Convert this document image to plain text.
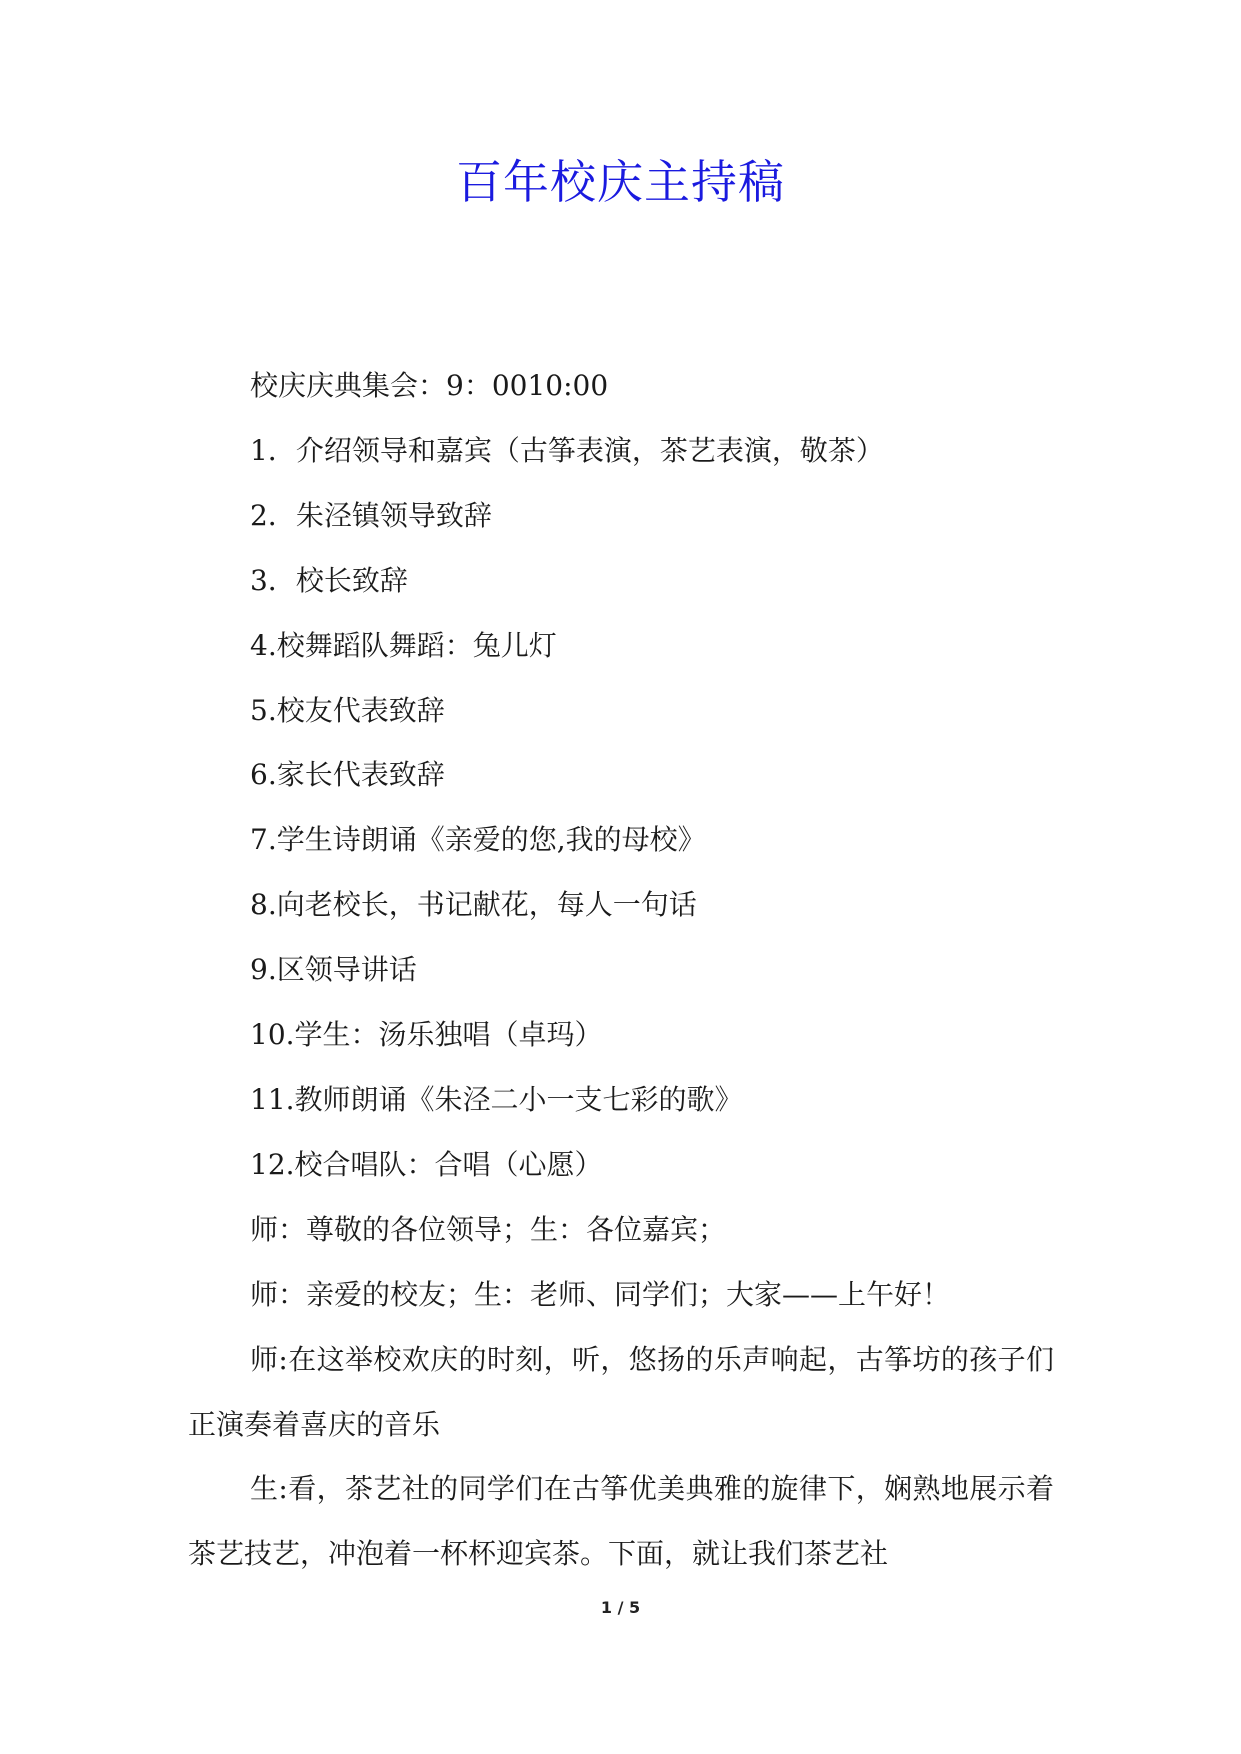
百年校庆主持稿

校庆庆典集会：9：0010:00

1．介绍领导和嘉宾（古筝表演，茶艺表演，敬茶）

2．朱泾镇领导致辞

3．校长致辞

4.校舞蹈队舞蹈：兔儿灯

5.校友代表致辞

6.家长代表致辞

7.学生诗朗诵《亲爱的您,我的母校》

8.向老校长，书记献花，每人一句话

9.区领导讲话

10.学生：汤乐独唱（卓玛）

11.教师朗诵《朱泾二小一支七彩的歌》

12.校合唱队：合唱（心愿）

师：尊敬的各位领导；生：各位嘉宾；

师：亲爱的校友；生：老师、同学们；大家——上午好！

师:在这举校欢庆的时刻，听，悠扬的乐声响起，古筝坊的孩子们正演奏着喜庆的音乐

生:看，茶艺社的同学们在古筝优美典雅的旋律下，娴熟地展示着茶艺技艺，冲泡着一杯杯迎宾茶。下面，就让我们茶艺社

1 / 5
